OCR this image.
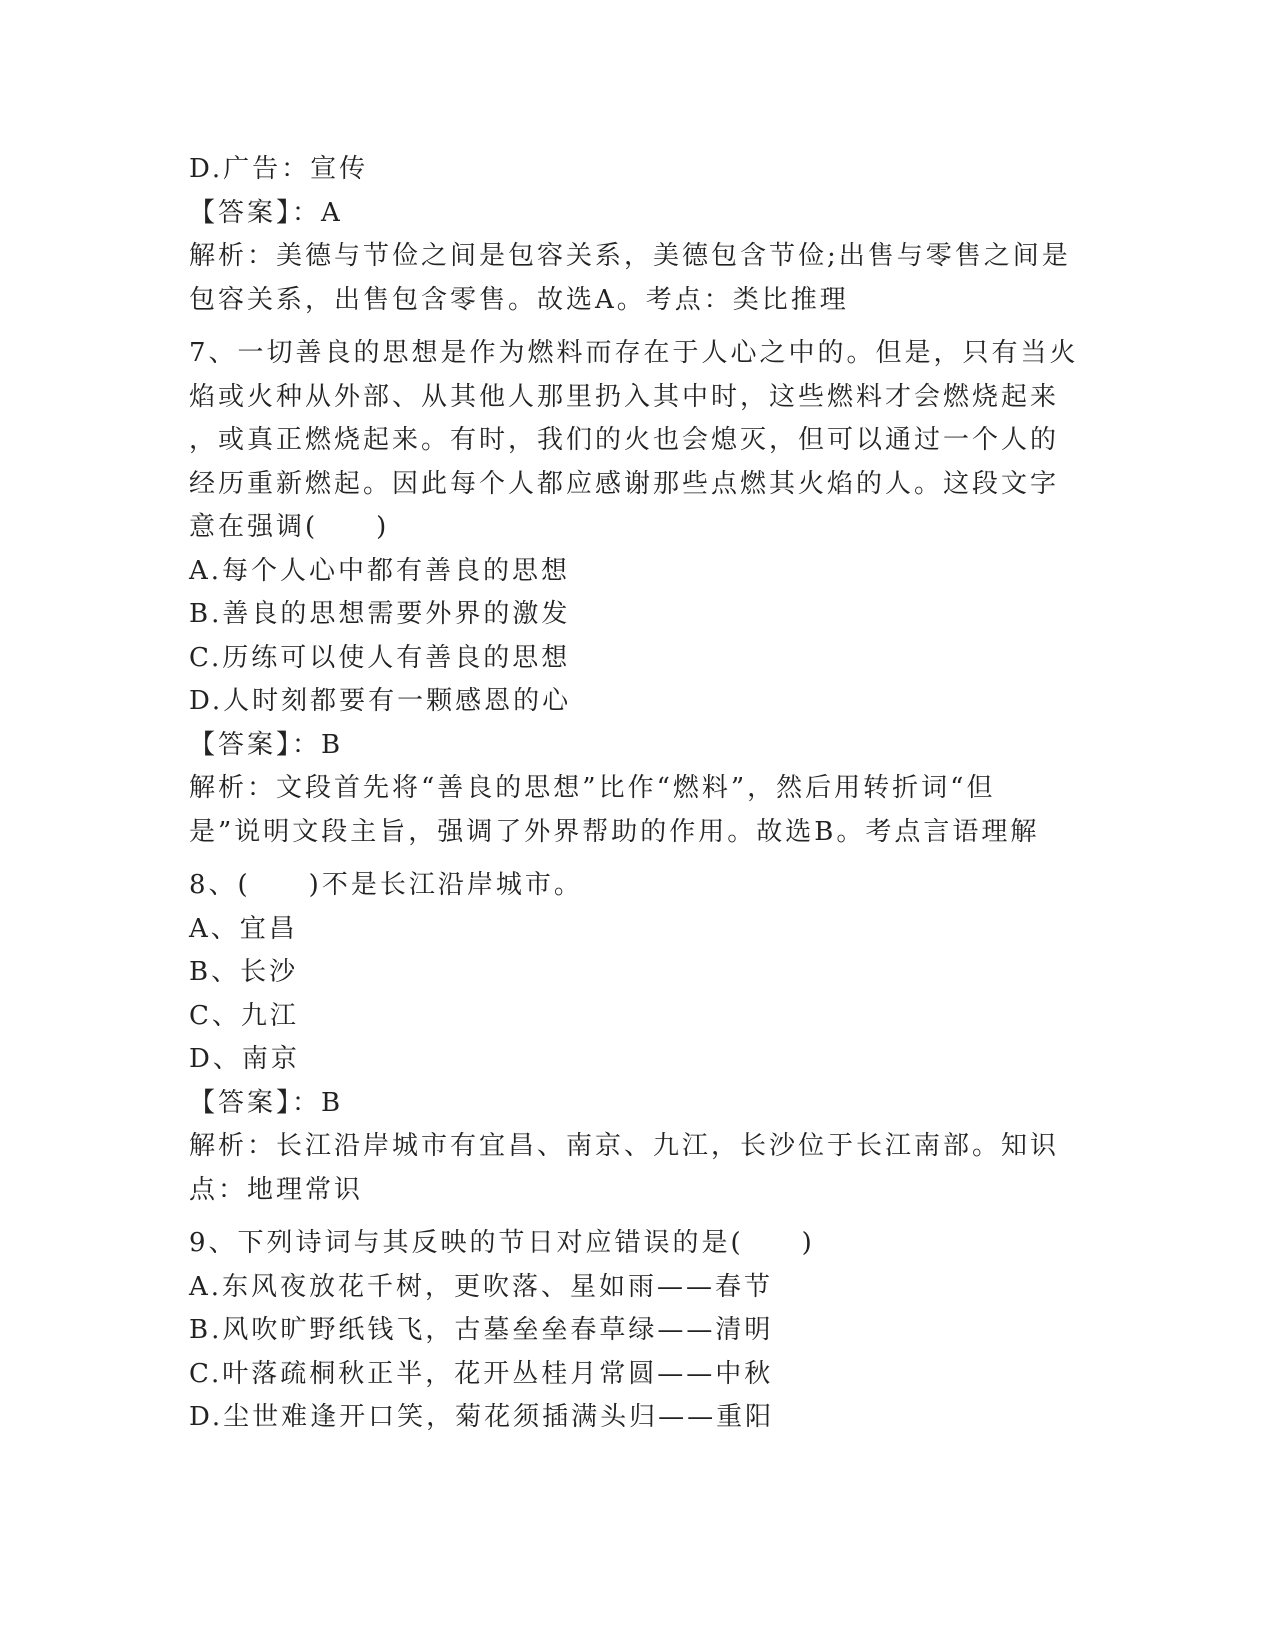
D.广告：宣传
【答案】：A
解析：美德与节俭之间是包容关系，美德包含节俭;出售与零售之间是
包容关系，出售包含零售。故选A。考点：类比推理
7、一切善良的思想是作为燃料而存在于人心之中的。但是，只有当火
焰或火种从外部、从其他人那里扔入其中时，这些燃料才会燃烧起来
，或真正燃烧起来。有时，我们的火也会熄灭，但可以通过一个人的
经历重新燃起。因此每个人都应感谢那些点燃其火焰的人。这段文字
意在强调(　　)
A.每个人心中都有善良的思想
B.善良的思想需要外界的激发
C.历练可以使人有善良的思想
D.人时刻都要有一颗感恩的心
【答案】：B
解析：文段首先将“善良的思想”比作“燃料”，然后用转折词“但
是”说明文段主旨，强调了外界帮助的作用。故选B。考点言语理解
8、(　　)不是长江沿岸城市。
A、宜昌
B、长沙
C、九江
D、南京
【答案】：B
解析：长江沿岸城市有宜昌、南京、九江，长沙位于长江南部。知识
点：地理常识
9、下列诗词与其反映的节日对应错误的是(　　)
A.东风夜放花千树，更吹落、星如雨——春节
B.风吹旷野纸钱飞，古墓垒垒春草绿——清明
C.叶落疏桐秋正半，花开丛桂月常圆——中秋
D.尘世难逢开口笑，菊花须插满头归——重阳
